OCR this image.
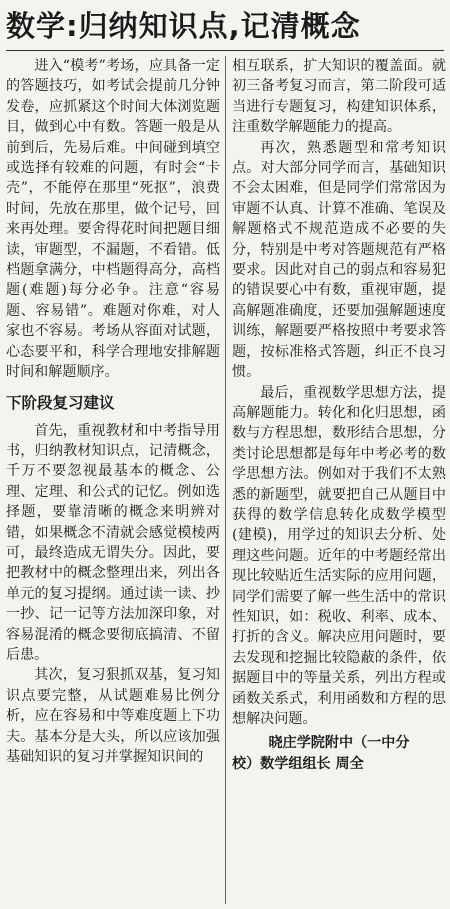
数学:归纳知识点,记清概念

进入“模考”考场，应具备一定的答题技巧，如考试会提前几分钟发卷，应抓紧这个时间大体浏览题目，做到心中有数。答题一般是从前到后，先易后难。中间碰到填空或选择有较难的问题，有时会“卡壳”，不能停在那里“死抠”，浪费时间，先放在那里，做个记号，回来再处理。要舍得花时间把题目细读，审题型，不漏题，不看错。低档题拿满分，中档题得高分，高档题(难题)每分必争。注意“容易题、容易错”。难题对你难，对人家也不容易。考场从容面对试题，心态要平和，科学合理地安排解题时间和解题顺序。

下阶段复习建议

首先，重视教材和中考指导用书，归纳教材知识点，记清概念，千万不要忽视最基本的概念、公理、定理、和公式的记忆。例如选择题，要靠清晰的概念来明辨对错，如果概念不清就会感觉模棱两可，最终造成无谓失分。因此，要把教材中的概念整理出来，列出各单元的复习提纲。通过读一读、抄一抄、记一记等方法加深印象，对容易混淆的概念要彻底搞清、不留后患。

其次，复习狠抓双基，复习知识点要完整，从试题难易比例分析，应在容易和中等难度题上下功夫。基本分是大头，所以应该加强基础知识的复习并掌握知识间的

相互联系，扩大知识的覆盖面。就初三备考复习而言，第二阶段可适当进行专题复习，构建知识体系，注重数学解题能力的提高。

再次，熟悉题型和常考知识点。对大部分同学而言，基础知识不会太困难，但是同学们常常因为审题不认真、计算不准确、笔误及解题格式不规范造成不必要的失分，特别是中考对答题规范有严格要求。因此对自己的弱点和容易犯的错误要心中有数，重视审题，提高解题准确度，还要加强解题速度训练，解题要严格按照中考要求答题，按标准格式答题，纠正不良习惯。

最后，重视数学思想方法，提高解题能力。转化和化归思想，函数与方程思想，数形结合思想，分类讨论思想都是每年中考必考的数学思想方法。例如对于我们不太熟悉的新题型，就要把自己从题目中获得的数学信息转化成数学模型(建模)，用学过的知识去分析、处理这些问题。近年的中考题经常出现比较贴近生活实际的应用问题，同学们需要了解一些生活中的常识性知识，如：税收、利率、成本、打折的含义。解决应用问题时，要去发现和挖掘比较隐蔽的条件，依据题目中的等量关系，列出方程或函数关系式，利用函数和方程的思想解决问题。

晓庄学院附中（一中分
校）数学组组长 周全
